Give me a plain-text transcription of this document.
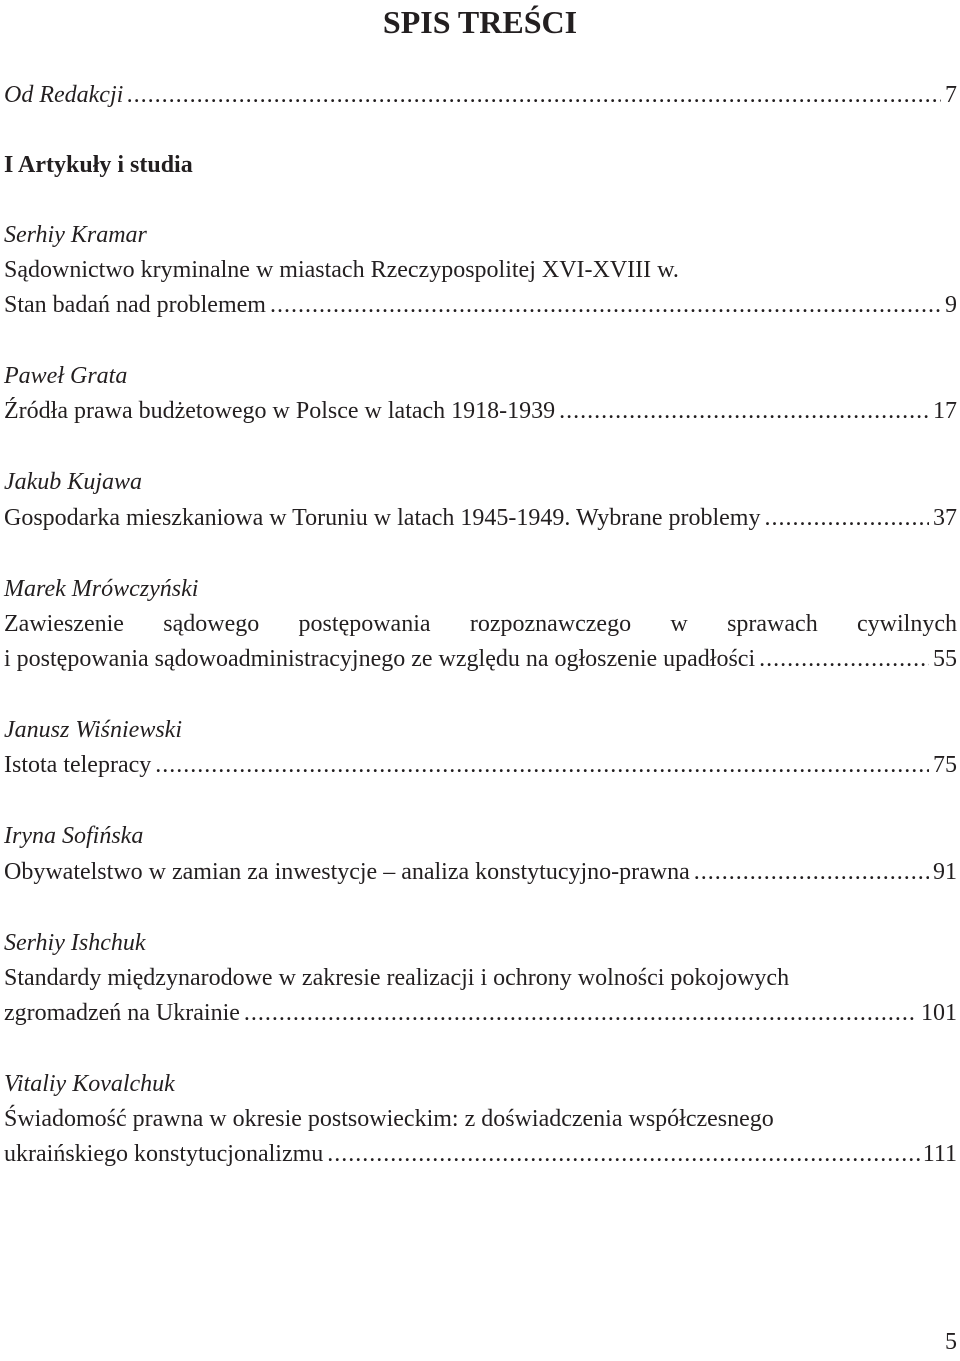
SPIS TREŚCI
Od Redakcji .....	7
I Artykuły i studia
Serhiy Kramar
Sądownictwo kryminalne w miastach Rzeczypospolitej XVI-XVIII w.
Stan badań nad problemem .....	9
Paweł Grata
Źródła prawa budżetowego w Polsce w latach 1918-1939 .....	17
Jakub Kujawa
Gospodarka mieszkaniowa w Toruniu w latach 1945-1949. Wybrane problemy .....	37
Marek Mrówczyński
Zawieszenie sądowego postępowania rozpoznawczego w sprawach cywilnych
i postępowania sądowoadministracyjnego ze względu na ogłoszenie upadłości .....	55
Janusz Wiśniewski
Istota telepracy .....	75
Iryna Sofińska
Obywatelstwo w zamian za inwestycje – analiza konstytucyjno-prawna .....	91
Serhiy Ishchuk
Standardy międzynarodowe w zakresie realizacji i ochrony wolności pokojowych
zgromadzeń na Ukrainie .....	101
Vitaliy Kovalchuk
Świadomość prawna w okresie postsowieckim: z doświadczenia współczesnego
ukraińskiego konstytucjonalizmu .....	111
5
